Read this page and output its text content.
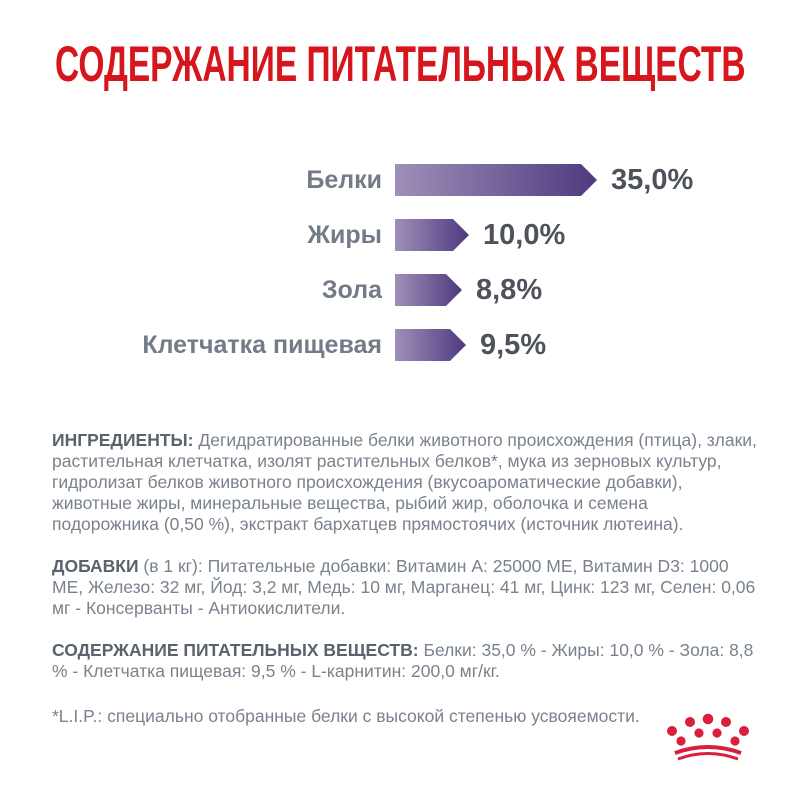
СОДЕРЖАНИЕ ПИТАТЕЛЬНЫХ ВЕЩЕСТВ
Белки	35,0%
Жиры	10,0%
Зола	8,8%
Клетчатка пищевая	9,5%

ИНГРЕДИЕНТЫ: Дегидратированные белки животного происхождения (птица), злаки, растительная клетчатка, изолят растительных белков*, мука из зерновых культур, гидролизат белков животного происхождения (вкусоароматические добавки), животные жиры, минеральные вещества, рыбий жир, оболочка и семена подорожника (0,50 %), экстракт бархатцев прямостоячих (источник лютеина).

ДОБАВКИ (в 1 кг): Питательные добавки: Витамин A: 25000 МЕ, Витамин D3: 1000 МЕ, Железо: 32 мг, Йод: 3,2 мг, Медь: 10 мг, Марганец: 41 мг, Цинк: 123 мг, Селен: 0,06 мг - Консерванты - Антиокислители.

СОДЕРЖАНИЕ ПИТАТЕЛЬНЫХ ВЕЩЕСТВ: Белки: 35,0 % - Жиры: 10,0 % - Зола: 8,8 % - Клетчатка пищевая: 9,5 % - L-карнитин: 200,0 мг/кг.

*L.I.P.: специально отобранные белки с высокой степенью усвояемости.
